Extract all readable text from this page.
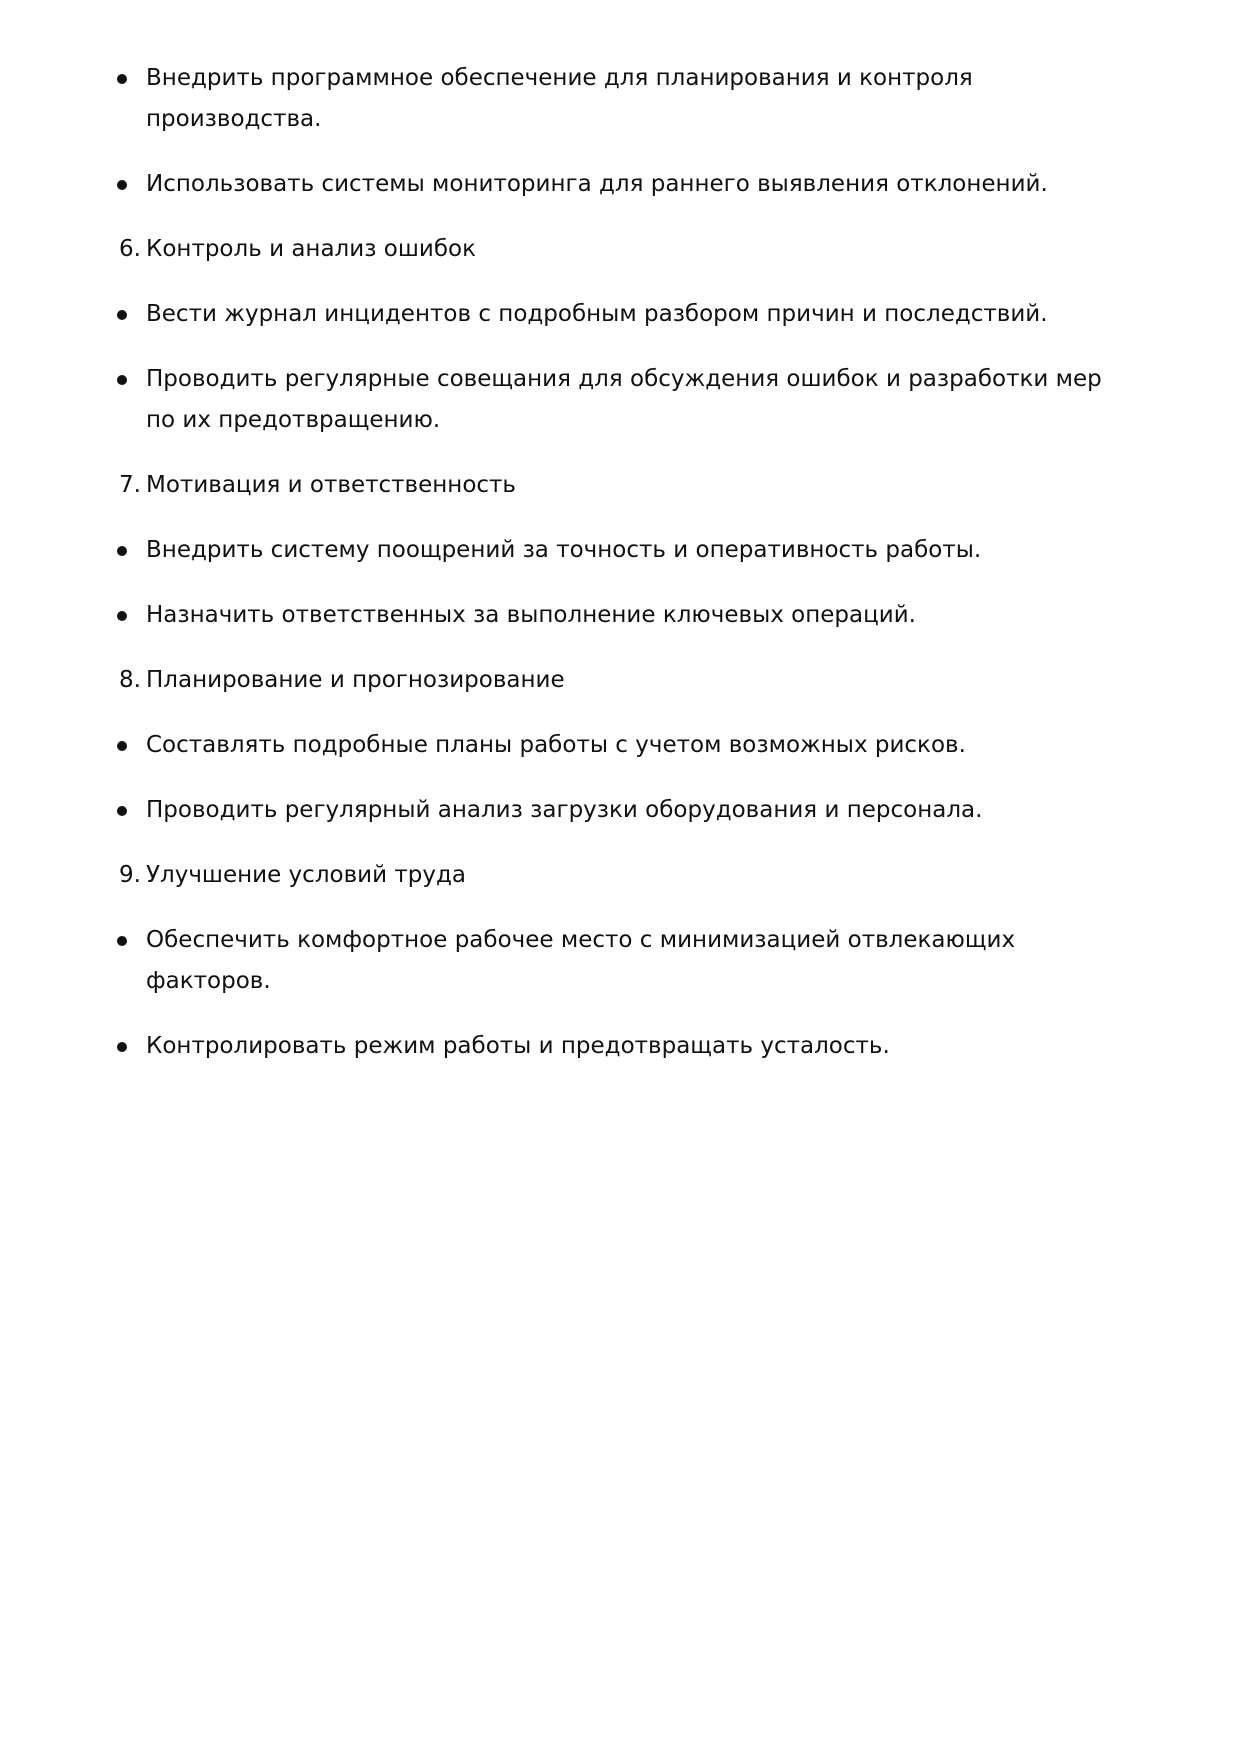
Внедрить программное обеспечение для планирования и контроля производства.
Использовать системы мониторинга для раннего выявления отклонений.
6. Контроль и анализ ошибок
Вести журнал инцидентов с подробным разбором причин и последствий.
Проводить регулярные совещания для обсуждения ошибок и разработки мер по их предотвращению.
7. Мотивация и ответственность
Внедрить систему поощрений за точность и оперативность работы.
Назначить ответственных за выполнение ключевых операций.
8. Планирование и прогнозирование
Составлять подробные планы работы с учетом возможных рисков.
Проводить регулярный анализ загрузки оборудования и персонала.
9. Улучшение условий труда
Обеспечить комфортное рабочее место с минимизацией отвлекающих факторов.
Контролировать режим работы и предотвращать усталость.
